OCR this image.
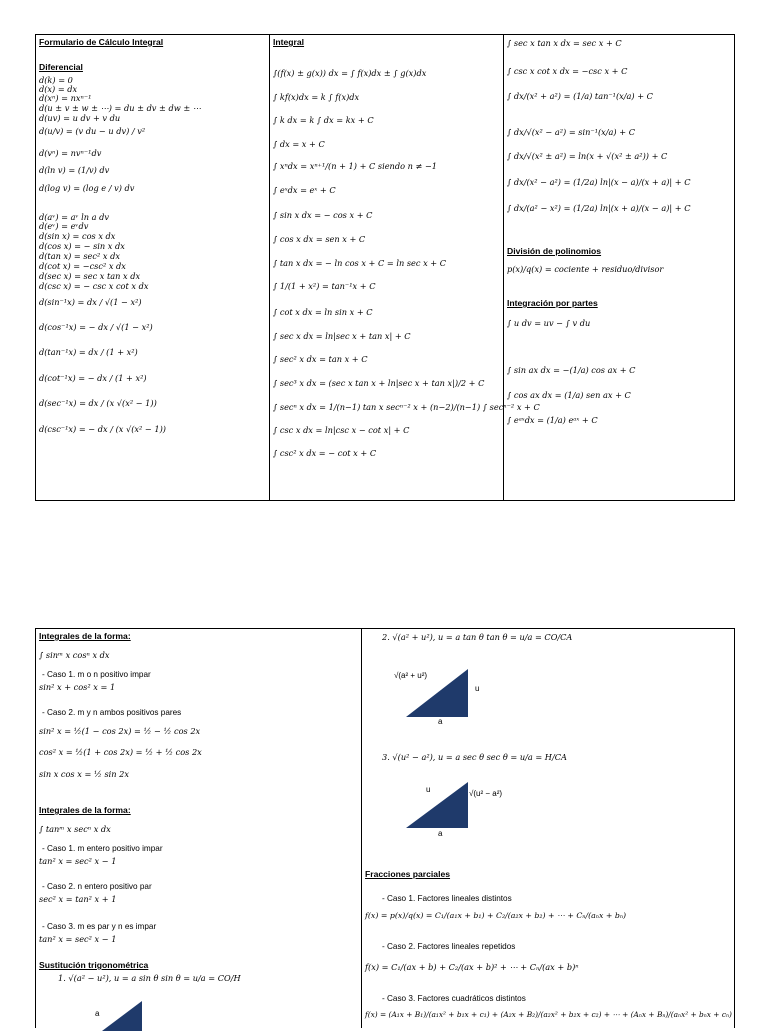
Formulario de Cálculo Integral
Diferencial
d(k) = 0
d(x) = dx
d(xⁿ) = nxⁿ⁻¹
d(u ± v ± w ± ⋯) = du ± dv ± dw ± ⋯
d(uv) = u dv + v du
d(u/v) = (v du − u dv) / v²
d(vⁿ) = nvⁿ⁻¹dv
d(ln v) = (1/v) dv
d(log v) = (log e / v) dv
d(aᵛ) = aᵛ ln a dv
d(eᵛ) = eᵛdv
d(sin x) = cos x dx
d(cos x) = − sin x dx
d(tan x) = sec² x dx
d(cot x) = −csc² x dx
d(sec x) = sec x tan x dx
d(csc x) = − csc x cot x dx
d(sin⁻¹x) = dx / √(1 − x²)
d(cos⁻¹x) = − dx / √(1 − x²)
d(tan⁻¹x) = dx / (1 + x²)
d(cot⁻¹x) = − dx / (1 + x²)
d(sec⁻¹x) = dx / (x √(x² − 1))
d(csc⁻¹x) = − dx / (x √(x² − 1))
Integral
∫(f(x) ± g(x)) dx = ∫ f(x)dx ± ∫ g(x)dx
∫ kf(x)dx = k ∫ f(x)dx
∫ k dx = k ∫ dx = kx + C
∫ dx = x + C
∫ xⁿdx = xⁿ⁺¹/(n + 1) + C siendo n ≠ −1
∫ eˣdx = eˣ + C
∫ sin x dx = − cos x + C
∫ cos x dx = sen x + C
∫ tan x dx = − ln cos x + C = ln sec x + C
∫ 1/(1 + x²) = tan⁻¹x + C
∫ cot x dx = ln sin x + C
∫ sec x dx = ln|sec x + tan x| + C
∫ sec² x dx = tan x + C
∫ sec³ x dx = (sec x tan x + ln|sec x + tan x|)/2 + C
∫ secⁿ x dx = 1/(n−1) tan x secⁿ⁻² x + (n−2)/(n−1) ∫ secⁿ⁻² x + C
∫ csc x dx = ln|csc x − cot x| + C
∫ csc² x dx = − cot x + C
∫ sec x tan x dx = sec x + C
∫ csc x cot x dx = −csc x + C
∫ dx/(x² + a²) = (1/a) tan⁻¹(x/a) + C
∫ dx/√(x² − a²) = sin⁻¹(x/a) + C
∫ dx/√(x² ± a²) = ln(x + √(x² ± a²)) + C
∫ dx/(x² − a²) = (1/2a) ln|(x − a)/(x + a)| + C
∫ dx/(a² − x²) = (1/2a) ln|(x + a)/(x − a)| + C
División de polinomios
p(x)/q(x) = cociente + residuo/divisor
Integración por partes
∫ u dv = uv − ∫ v du
∫ sin ax dx = −(1/a) cos ax + C
∫ cos ax dx = (1/a) sen ax + C
∫ eᵃˣdx = (1/a) eᵃˣ + C
Integrales de la forma:
∫ sinᵐ x cosⁿ x dx
- Caso 1. m o n positivo impar
sin² x + cos² x = 1
- Caso 2. m y n ambos positivos pares
sin² x = ½(1 − cos 2x) = ½ − ½ cos 2x
cos² x = ½(1 + cos 2x) = ½ + ½ cos 2x
sin x cos x = ½ sin 2x
Integrales de la forma:
∫ tanᵐ x secⁿ x dx
- Caso 1. m entero positivo impar
tan² x = sec² x − 1
- Caso 2. n entero positivo par
sec² x = tan² x + 1
- Caso 3. m es par y n es impar
tan² x = sec² x − 1
Sustitución trigonométrica
1. √(a² − u²), u = a sin θ sin θ = u/a = CO/H
a
2. √(a² + u²), u = a tan θ tan θ = u/a = CO/CA
√(a² + u²)
u
a
3. √(u² − a²), u = a sec θ sec θ = u/a = H/CA
u	√(u² − a²)
a
Fracciones parciales
- Caso 1. Factores lineales distintos
f(x) = p(x)/q(x) = C₁/(a₁x + b₁) + C₂/(a₂x + b₂) + ⋯ + Cₙ/(aₙx + bₙ)
- Caso 2. Factores lineales repetidos
f(x) = C₁/(ax + b) + C₂/(ax + b)² + ⋯ + Cₙ/(ax + b)ⁿ
- Caso 3. Factores cuadráticos distintos
f(x) = (A₁x + B₁)/(a₁x² + b₁x + c₁) + (A₂x + B₂)/(a₂x² + b₂x + c₂) + ⋯ + (Aₙx + Bₙ)/(aₙx² + bₙx + cₙ)
